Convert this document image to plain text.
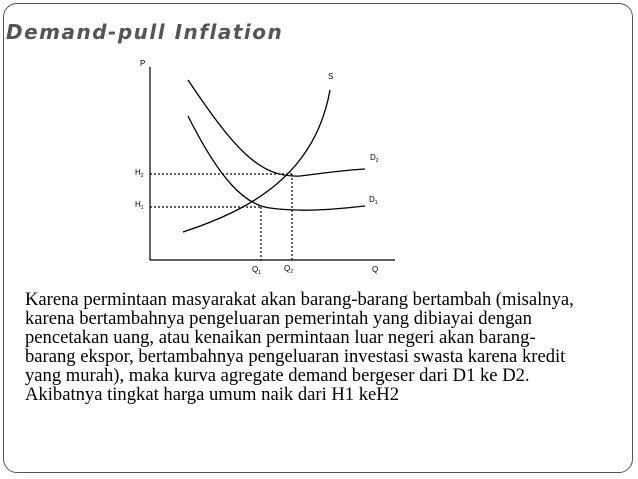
Demand-pull Inflation
P
Q
S
$D_2$
$D_1$
$H_2$
$H_1$
$Q_1$	$Q_2$

Karena permintaan masyarakat akan barang-barang bertambah (misalnya, karena bertambahnya pengeluaran pemerintah yang dibiayai dengan pencetakan uang, atau kenaikan permintaan luar negeri akan barang-barang ekspor, bertambahnya pengeluaran investasi swasta karena kredit yang murah), maka kurva agregate demand bergeser dari D1 ke D2. Akibatnya tingkat harga umum naik dari H1 keH2
